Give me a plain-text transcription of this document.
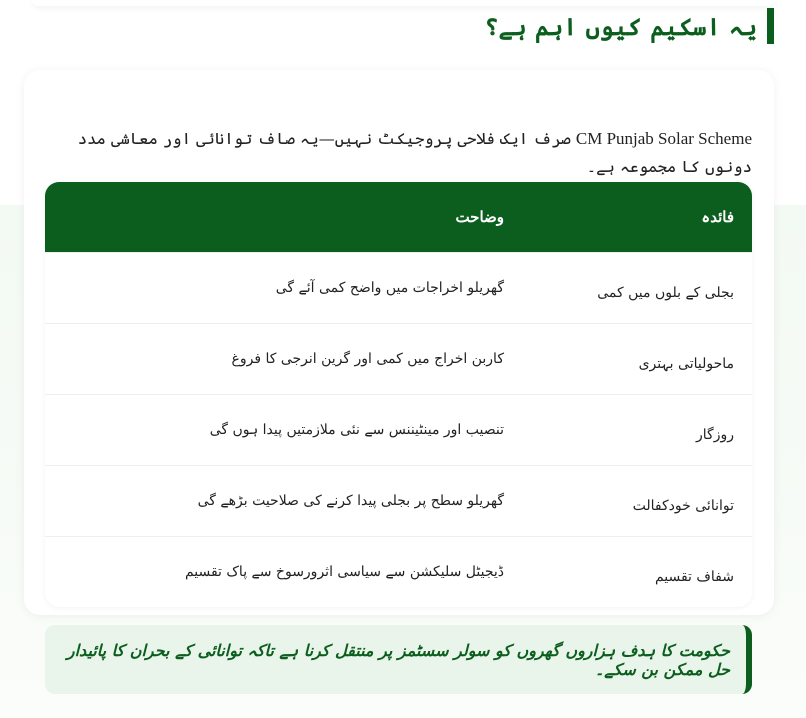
یہ اسکیم کیوں اہم ہے؟

CM Punjab Solar Scheme صرف ایک فلاحی پروجیکٹ نہیں—یہ صاف توانائی اور معاشی مدد دونوں کا مجموعہ ہے۔

فائدہ	وضاحت
بجلی کے بلوں میں کمی	گھریلو اخراجات میں واضح کمی آئے گی
ماحولیاتی بہتری	کاربن اخراج میں کمی اور گرین انرجی کا فروغ
روزگار	تنصیب اور مینٹیننس سے نئی ملازمتیں پیدا ہوں گی
توانائی خودکفالت	گھریلو سطح پر بجلی پیدا کرنے کی صلاحیت بڑھے گی
شفاف تقسیم	ڈیجیٹل سلیکشن سے سیاسی اثرورسوخ سے پاک تقسیم

حکومت کا ہدف ہزاروں گھروں کو سولر سسٹمز پر منتقل کرنا ہے تاکہ توانائی کے بحران کا پائیدار حل ممکن بن سکے۔
